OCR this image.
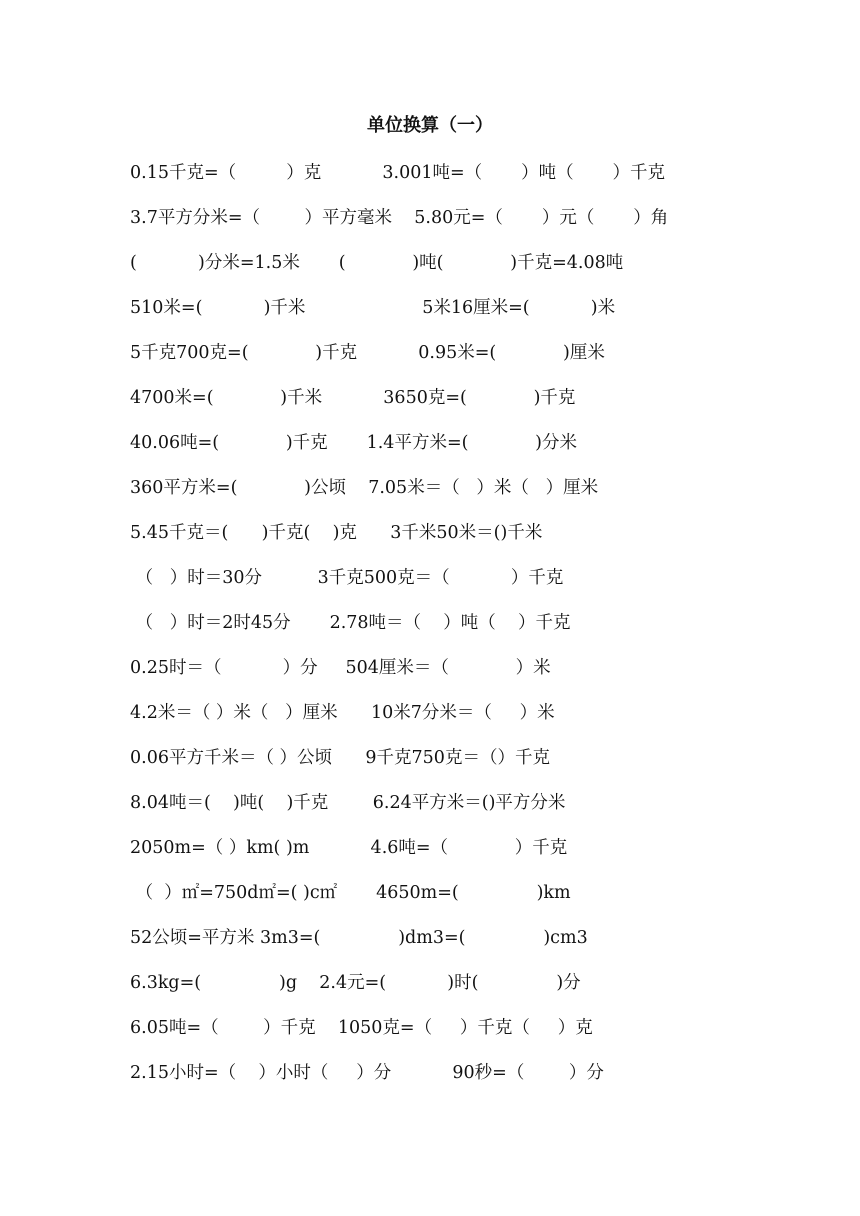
单位换算（一）
0.15千克=（         ）克           3.001吨=（       ）吨（       ）千克
3.7平方分米=（        ）平方毫米    5.80元=（       ）元（       ）角
(           )分米=1.5米       (            )吨(            )千克=4.08吨
510米=(           )千米                     5米16厘米=(           )米
5千克700克=(            )千克           0.95米=(            )厘米
4700米=(            )千米           3650克=(            )千克
40.06吨=(            )千克       1.4平方米=(            )分米
360平方米=(            )公顷    7.05米＝（   ）米（   ）厘米
5.45千克＝(      )千克(    )克      3千米50米＝()千米
（   ）时＝30分          3千克500克＝（           ）千克
（   ）时＝2时45分       2.78吨＝（    ）吨（    ）千克
0.25时＝（           ）分     504厘米＝（            ）米
4.2米＝（ ）米（   ）厘米      10米7分米＝（     ）米
0.06平方千米＝（ ）公顷      9千克750克＝（）千克
8.04吨＝(    )吨(    )千克        6.24平方米＝()平方分米
2050m=（ ）km( )m           4.6吨=（            ）千克
（  ）㎡=750d㎡=( )c㎡       4650m=(              )km
52公顷=平方米 3m3=(              )dm3=(              )cm3
6.3kg=(              )g    2.4元=(           )时(              )分
6.05吨=（        ）千克    1050克=（     ）千克（     ）克
2.15小时=（    ）小时（     ）分           90秒=（        ）分
